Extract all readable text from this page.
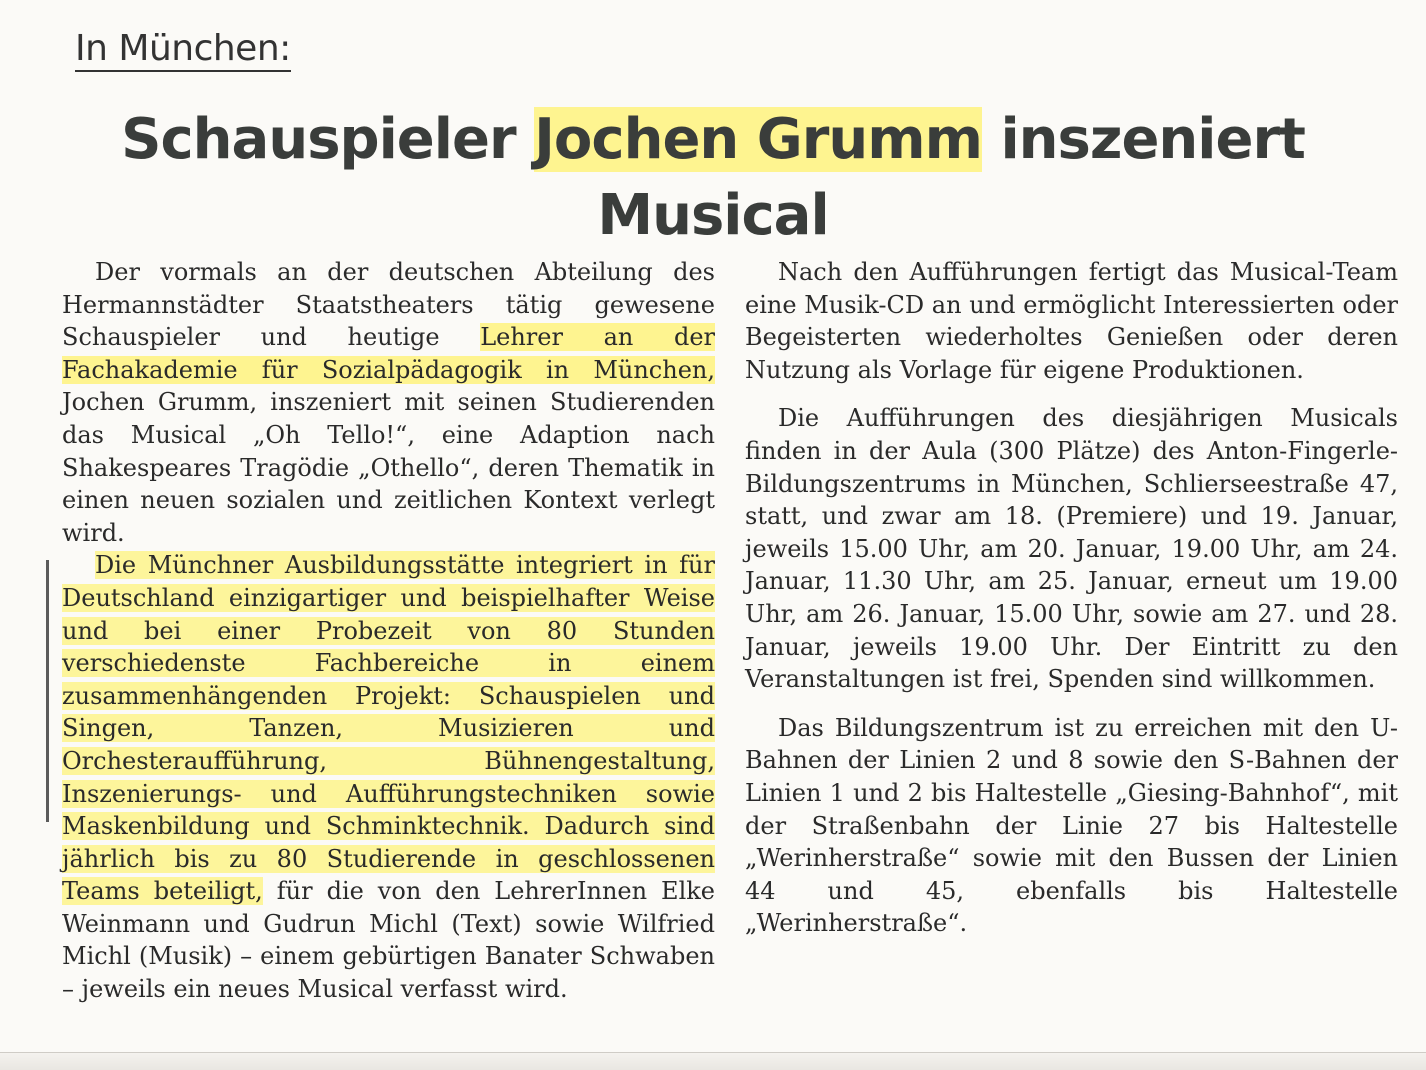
In München:
Schauspieler Jochen Grumm inszeniert Musical

Der vormals an der deutschen Abteilung des Hermannstädter Staatstheaters tätig gewesene Schauspieler und heutige Lehrer an der Fachakademie für Sozialpädagogik in München, Jochen Grumm, inszeniert mit seinen Studierenden das Musical „Oh Tello!“, eine Adaption nach Shakespeares Tragödie „Othello“, deren Thematik in einen neuen sozialen und zeitlichen Kontext verlegt wird.

Die Münchner Ausbildungsstätte integriert in für Deutschland einzigartiger und beispielhafter Weise und bei einer Probezeit von 80 Stunden verschiedenste Fachbereiche in einem zusammenhängenden Projekt: Schauspielen und Singen, Tanzen, Musizieren und Orchesteraufführung, Bühnengestaltung, Inszenierungs- und Aufführungstechniken sowie Maskenbildung und Schminktechnik. Dadurch sind jährlich bis zu 80 Studierende in geschlossenen Teams beteiligt, für die von den LehrerInnen Elke Weinmann und Gudrun Michl (Text) sowie Wilfried Michl (Musik) – einem gebürtigen Banater Schwaben – jeweils ein neues Musical verfasst wird.

Nach den Aufführungen fertigt das Musical-Team eine Musik-CD an und ermöglicht Interessierten oder Begeisterten wiederholtes Genießen oder deren Nutzung als Vorlage für eigene Produktionen.

Die Aufführungen des diesjährigen Musicals finden in der Aula (300 Plätze) des Anton-Fingerle-Bildungszentrums in München, Schlierseestraße 47, statt, und zwar am 18. (Premiere) und 19. Januar, jeweils 15.00 Uhr, am 20. Januar, 19.00 Uhr, am 24. Januar, 11.30 Uhr, am 25. Januar, erneut um 19.00 Uhr, am 26. Januar, 15.00 Uhr, sowie am 27. und 28. Januar, jeweils 19.00 Uhr. Der Eintritt zu den Veranstaltungen ist frei, Spenden sind willkommen.

Das Bildungszentrum ist zu erreichen mit den U-Bahnen der Linien 2 und 8 sowie den S-Bahnen der Linien 1 und 2 bis Haltestelle „Giesing-Bahnhof“, mit der Straßenbahn der Linie 27 bis Haltestelle „Werinherstraße“ sowie mit den Bussen der Linien 44 und 45, ebenfalls bis Haltestelle „Werinherstraße“.
